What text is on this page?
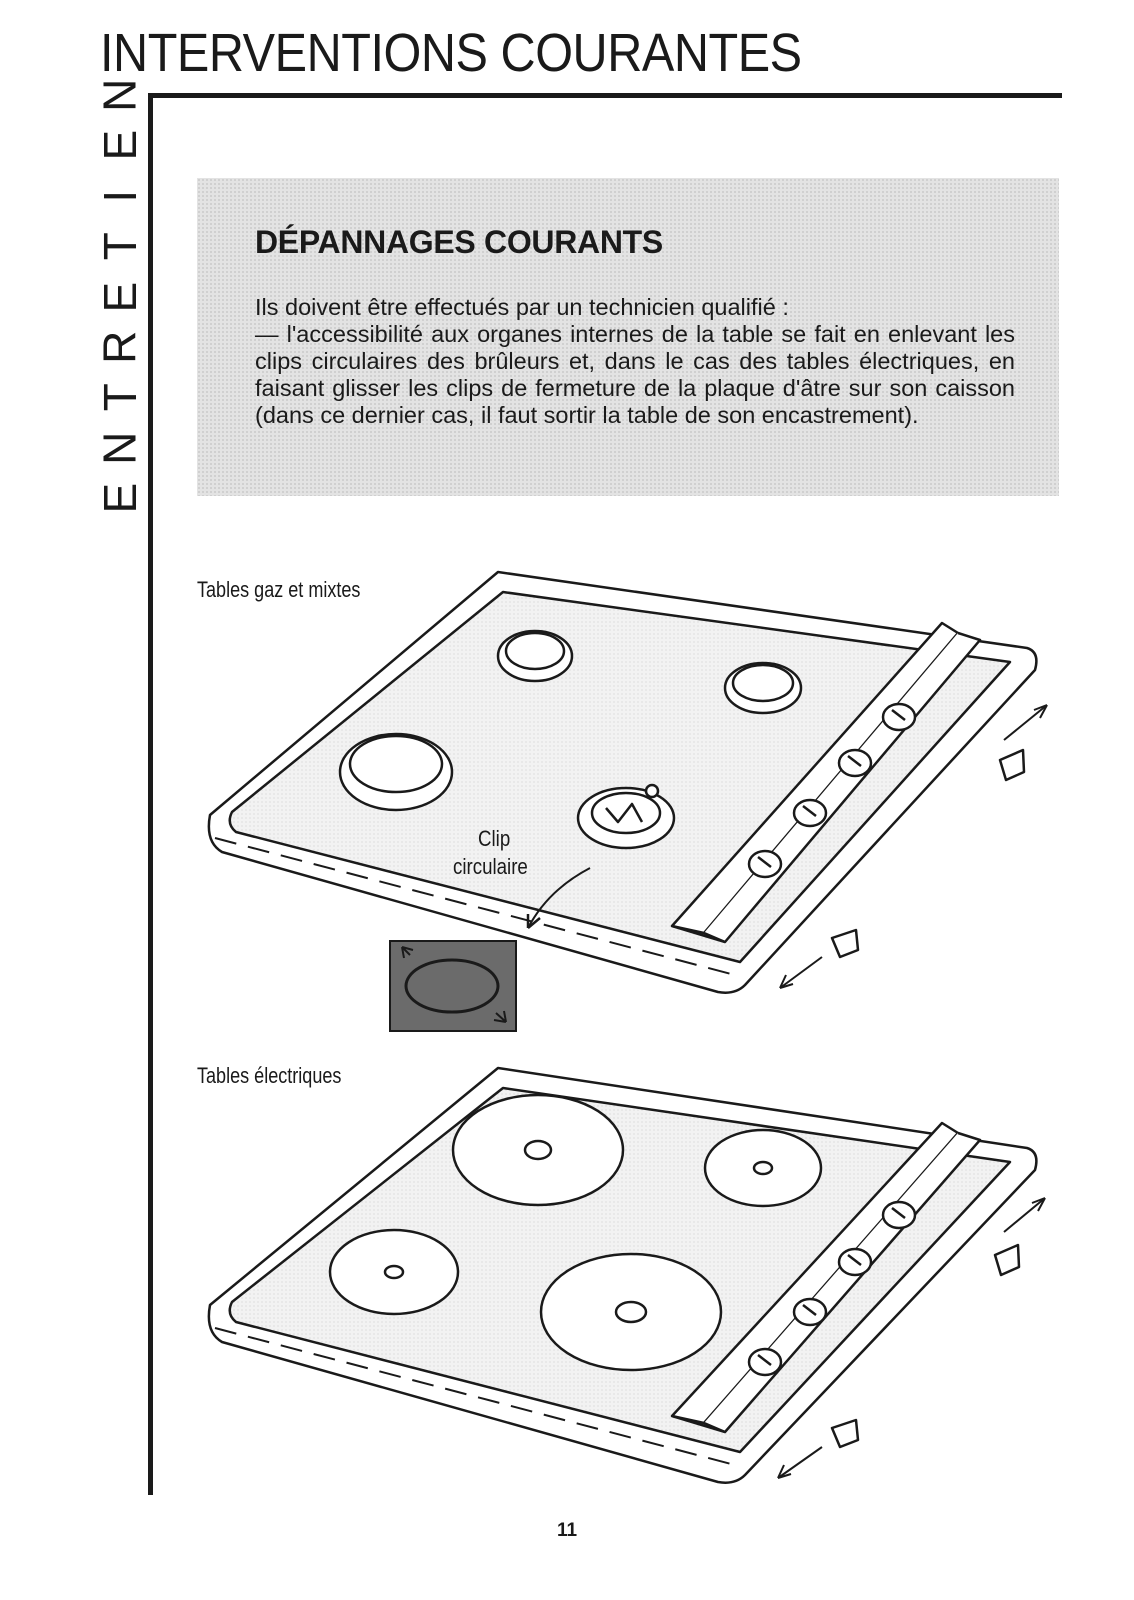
INTERVENTIONS COURANTES
N
E
I
T
E
R
T
N
E
DÉPANNAGES COURANTS

Ils doivent être effectués par un technicien qualifié :

— l'accessibilité aux organes internes de la table se fait en enlevant les

clips circulaires des brûleurs et, dans le cas des tables électriques, en

faisant glisser les clips de fermeture de la plaque d'âtre sur son caisson

(dans ce dernier cas, il faut sortir la table de son encastrement).

Tables gaz et mixtes
Tables électriques
Clip
circulaire
11
